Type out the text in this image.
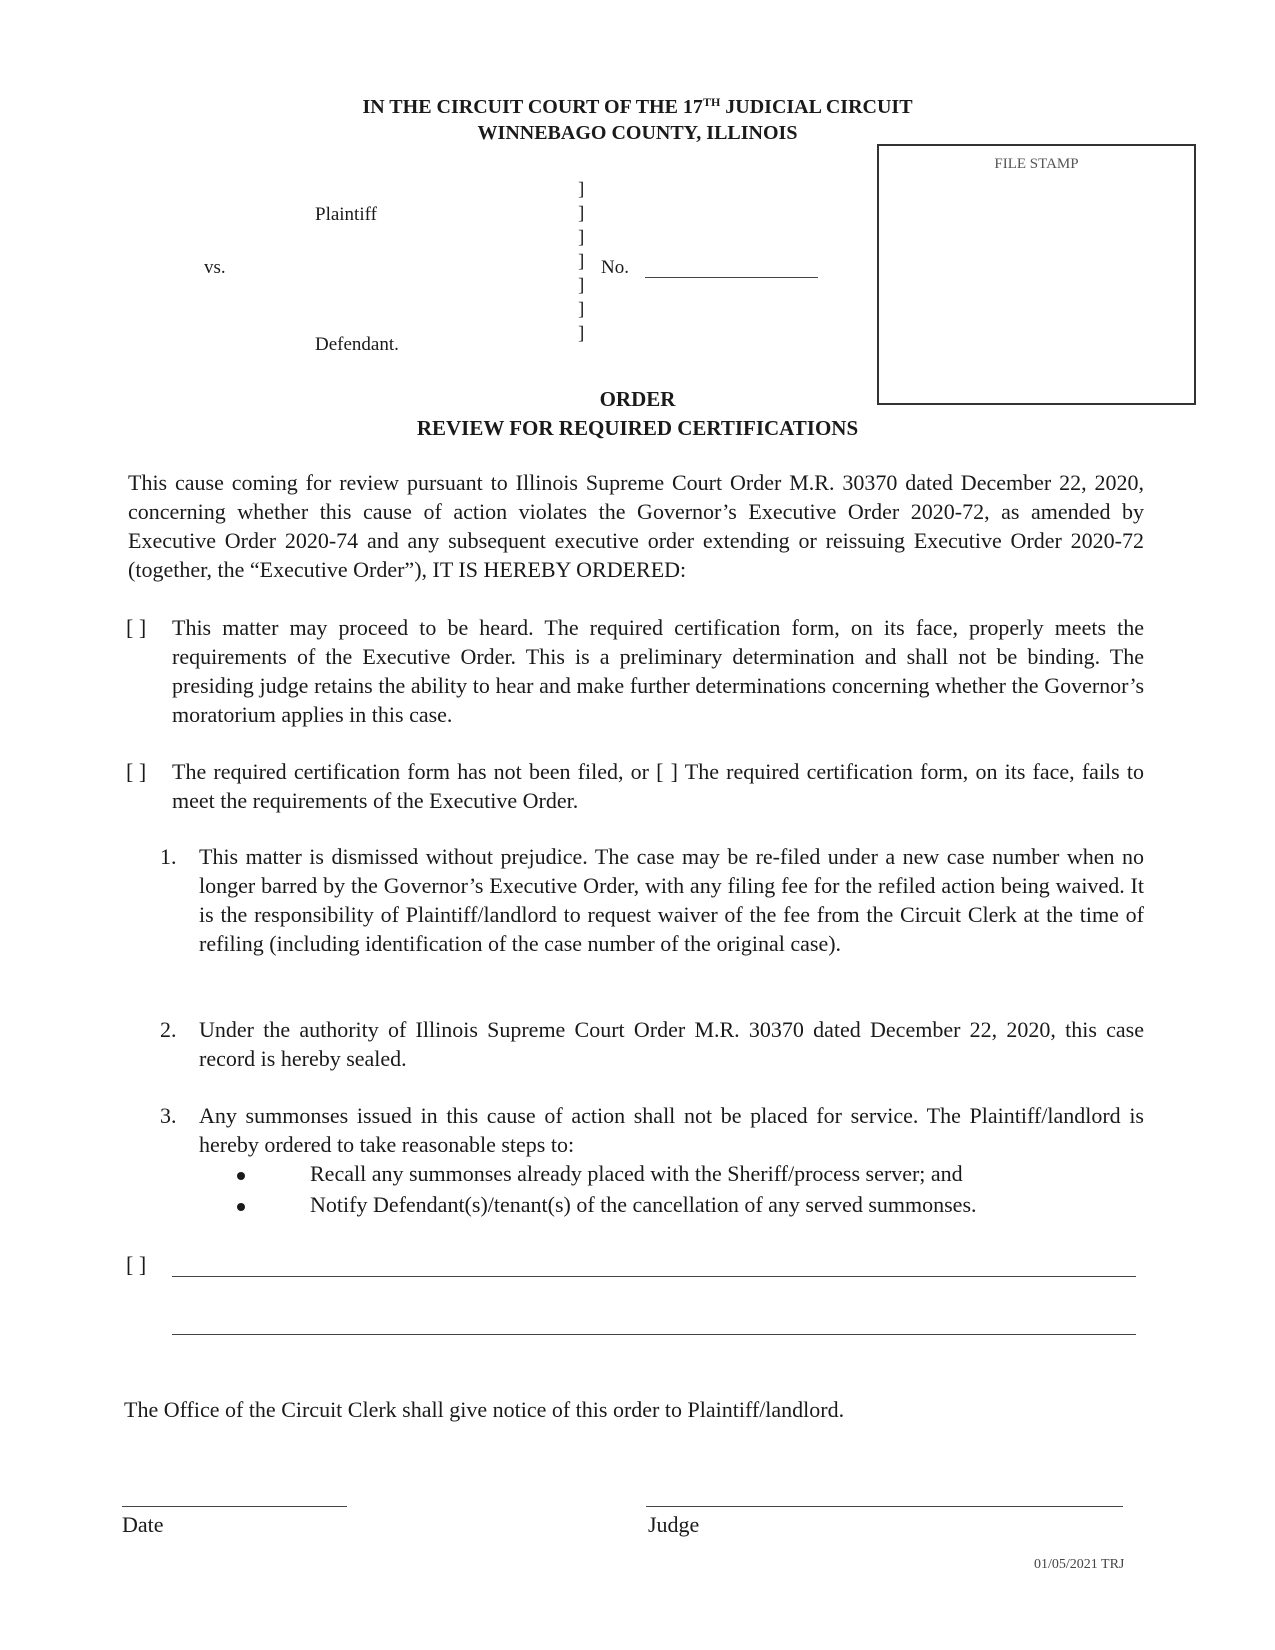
IN THE CIRCUIT COURT OF THE 17TH JUDICIAL CIRCUIT
WINNEBAGO COUNTY, ILLINOIS
Plaintiff
vs.
Defendant.
]
]
]
]
]
]
]
No.
FILE STAMP
ORDER
REVIEW FOR REQUIRED CERTIFICATIONS
This cause coming for review pursuant to Illinois Supreme Court Order M.R. 30370 dated December 22, 2020, concerning whether this cause of action violates the Governor’s Executive Order 2020-72, as amended by Executive Order 2020-74 and any subsequent executive order extending or reissuing Executive Order 2020-72 (together, the “Executive Order”), IT IS HEREBY ORDERED:
[ ] This matter may proceed to be heard. The required certification form, on its face, properly meets the requirements of the Executive Order. This is a preliminary determination and shall not be binding. The presiding judge retains the ability to hear and make further determinations concerning whether the Governor’s moratorium applies in this case.
[ ] The required certification form has not been filed, or [ ] The required certification form, on its face, fails to meet the requirements of the Executive Order.
1. This matter is dismissed without prejudice. The case may be re-filed under a new case number when no longer barred by the Governor’s Executive Order, with any filing fee for the refiled action being waived. It is the responsibility of Plaintiff/landlord to request waiver of the fee from the Circuit Clerk at the time of refiling (including identification of the case number of the original case).
2. Under the authority of Illinois Supreme Court Order M.R. 30370 dated December 22, 2020, this case record is hereby sealed.
3. Any summonses issued in this cause of action shall not be placed for service. The Plaintiff/landlord is hereby ordered to take reasonable steps to:
Recall any summonses already placed with the Sheriff/process server; and
Notify Defendant(s)/tenant(s) of the cancellation of any served summonses.
[ ]
The Office of the Circuit Clerk shall give notice of this order to Plaintiff/landlord.
Date	Judge
01/05/2021 TRJ
